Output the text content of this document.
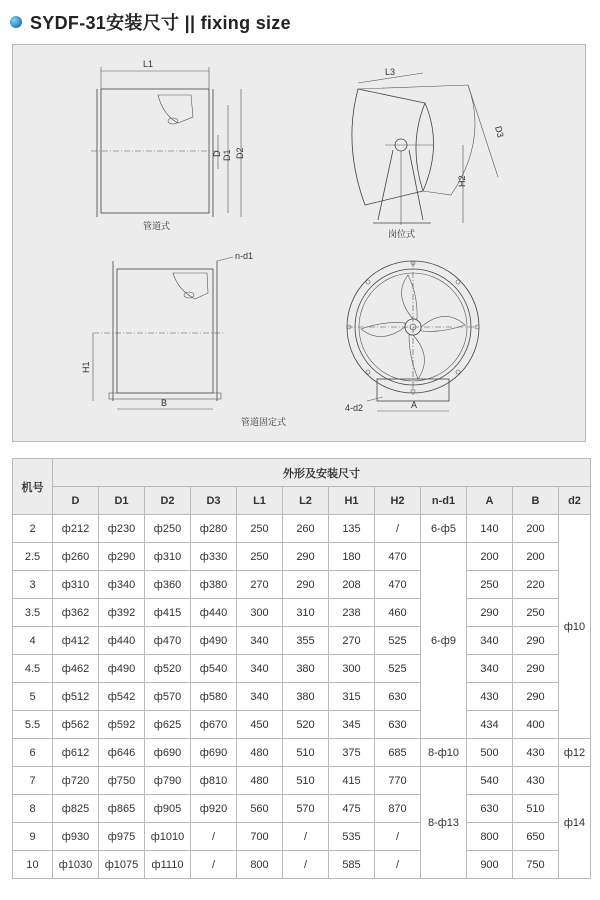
SYDF-31安装尺寸 || fixing size
L1
D D1 D2
管道式
L3
D3
H2
岗位式
H1
B
n-d1
管道固定式
A
4-d2
机号	外形及安装尺寸											
	D	D1	D2	D3	L1	L2	H1	H2	n-d1	A	B	d2
2	ф212	ф230	ф250	ф280	250	260	135	/	6-ф5	140	200	ф10
2.5	ф260	ф290	ф310	ф330	250	290	180	470	6-ф9	200	200	
3	ф310	ф340	ф360	ф380	270	290	208	470		250	220	
3.5	ф362	ф392	ф415	ф440	300	310	238	460		290	250	
4	ф412	ф440	ф470	ф490	340	355	270	525		340	290	
4.5	ф462	ф490	ф520	ф540	340	380	300	525		340	290	
5	ф512	ф542	ф570	ф580	340	380	315	630		430	290	
5.5	ф562	ф592	ф625	ф670	450	520	345	630		434	400	
6	ф612	ф646	ф690	ф690	480	510	375	685	8-ф10	500	430	ф12
7	ф720	ф750	ф790	ф810	480	510	415	770	8-ф13	540	430	ф14
8	ф825	ф865	ф905	ф920	560	570	475	870		630	510	
9	ф930	ф975	ф1010	/	700	/	535	/		800	650	
10	ф1030	ф1075	ф1110	/	800	/	585	/		900	750	
